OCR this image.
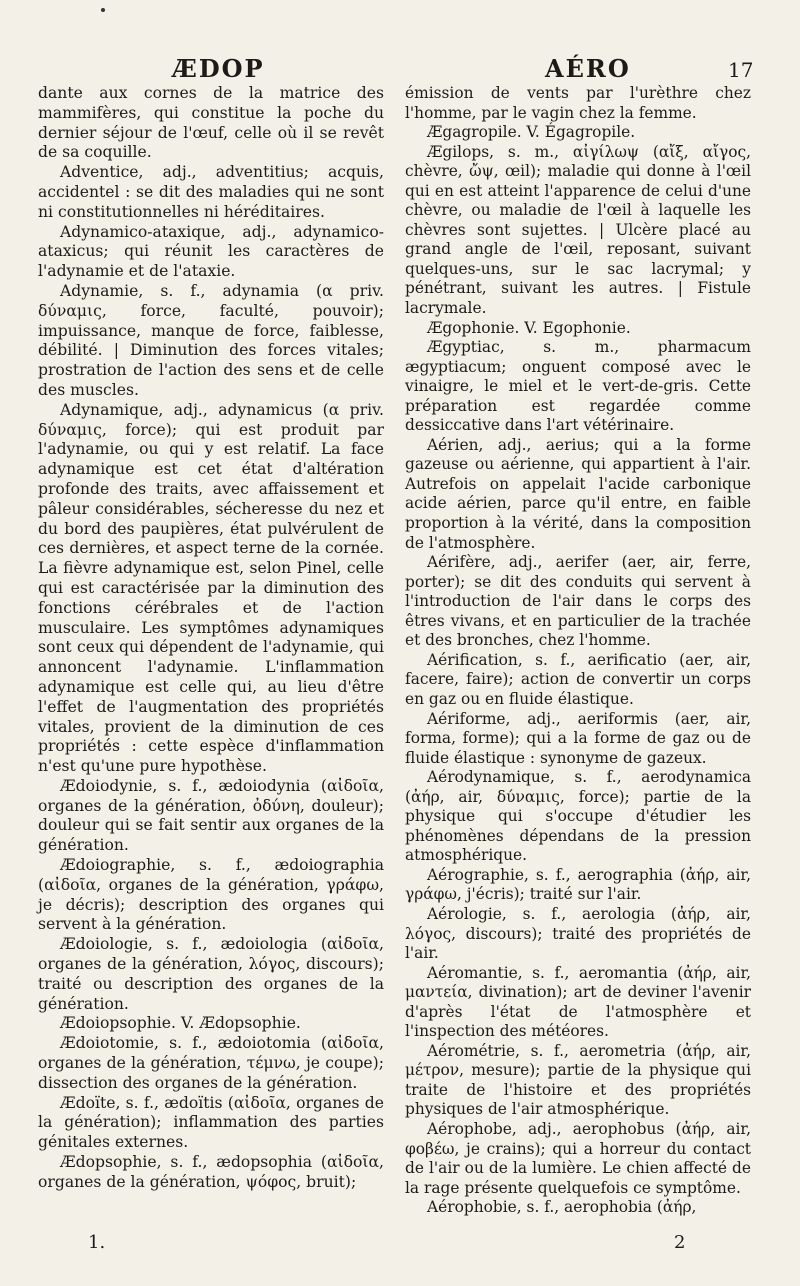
ÆDOP	AÉRO	17

dante aux cornes de la matrice des mammifères, qui constitue la poche du dernier séjour de l'œuf, celle où il se revêt de sa coquille.

Adventice, adj., adventitius; acquis, accidentel : se dit des maladies qui ne sont ni constitutionnelles ni héréditaires.

Adynamico-ataxique, adj., adynamico-ataxicus; qui réunit les caractères de l'adynamie et de l'ataxie.

Adynamie, s. f., adynamia (α priv. δύναμις, force, faculté, pouvoir); impuissance, manque de force, faiblesse, débilité. | Diminution des forces vitales; prostration de l'action des sens et de celle des muscles.

Adynamique, adj., adynamicus (α priv. δύναμις, force); qui est produit par l'adynamie, ou qui y est relatif. La face adynamique est cet état d'altération profonde des traits, avec affaissement et pâleur considérables, sécheresse du nez et du bord des paupières, état pulvérulent de ces dernières, et aspect terne de la cornée. La fièvre adynamique est, selon Pinel, celle qui est caractérisée par la diminution des fonctions cérébrales et de l'action musculaire. Les symptômes adynamiques sont ceux qui dépendent de l'adynamie, qui annoncent l'adynamie. L'inflammation adynamique est celle qui, au lieu d'être l'effet de l'augmentation des propriétés vitales, provient de la diminution de ces propriétés : cette espèce d'inflammation n'est qu'une pure hypothèse.

Ædoiodynie, s. f., ædoiodynia (αἰδοῖα, organes de la génération, ὀδύνη, douleur); douleur qui se fait sentir aux organes de la génération.

Ædoiographie, s. f., ædoiographia (αἰδοῖα, organes de la génération, γράφω, je décris); description des organes qui servent à la génération.

Ædoiologie, s. f., ædoiologia (αἰδοῖα, organes de la génération, λόγος, discours); traité ou description des organes de la génération.

Ædoiopsophie. V. Ædopsophie.

Ædoiotomie, s. f., ædoiotomia (αἰδοῖα, organes de la génération, τέμνω, je coupe); dissection des organes de la génération.

Ædoïte, s. f., ædoïtis (αἰδοῖα, organes de la génération); inflammation des parties génitales externes.

Ædopsophie, s. f., ædopsophia (αἰδοῖα, organes de la génération, ψόφος, bruit);

émission de vents par l'urèthre chez l'homme, par le vagin chez la femme.

Ægagropile. V. Égagropile.

Ægilops, s. m., αἰγίλωψ (αἴξ, αἴγος, chèvre, ὤψ, œil); maladie qui donne à l'œil qui en est atteint l'apparence de celui d'une chèvre, ou maladie de l'œil à laquelle les chèvres sont sujettes. | Ulcère placé au grand angle de l'œil, reposant, suivant quelques-uns, sur le sac lacrymal; y pénétrant, suivant les autres. | Fistule lacrymale.

Ægophonie. V. Egophonie.

Ægyptiac, s. m., pharmacum ægyptiacum; onguent composé avec le vinaigre, le miel et le vert-de-gris. Cette préparation est regardée comme dessiccative dans l'art vétérinaire.

Aérien, adj., aerius; qui a la forme gazeuse ou aérienne, qui appartient à l'air. Autrefois on appelait l'acide carbonique acide aérien, parce qu'il entre, en faible proportion à la vérité, dans la composition de l'atmosphère.

Aérifère, adj., aerifer (aer, air, ferre, porter); se dit des conduits qui servent à l'introduction de l'air dans le corps des êtres vivans, et en particulier de la trachée et des bronches, chez l'homme.

Aérification, s. f., aerificatio (aer, air, facere, faire); action de convertir un corps en gaz ou en fluide élastique.

Aériforme, adj., aeriformis (aer, air, forma, forme); qui a la forme de gaz ou de fluide élastique : synonyme de gazeux.

Aérodynamique, s. f., aerodynamica (ἀήρ, air, δύναμις, force); partie de la physique qui s'occupe d'étudier les phénomènes dépendans de la pression atmosphérique.

Aérographie, s. f., aerographia (ἀήρ, air, γράφω, j'écris); traité sur l'air.

Aérologie, s. f., aerologia (ἀήρ, air, λόγος, discours); traité des propriétés de l'air.

Aéromantie, s. f., aeromantia (ἀήρ, air, μαντεία, divination); art de deviner l'avenir d'après l'état de l'atmosphère et l'inspection des météores.

Aérométrie, s. f., aerometria (ἀήρ, air, μέτρον, mesure); partie de la physique qui traite de l'histoire et des propriétés physiques de l'air atmosphérique.

Aérophobe, adj., aerophobus (ἀήρ, air, φοβέω, je crains); qui a horreur du contact de l'air ou de la lumière. Le chien affecté de la rage présente quelquefois ce symptôme.

Aérophobie, s. f., aerophobia (ἀήρ,

1.	2
